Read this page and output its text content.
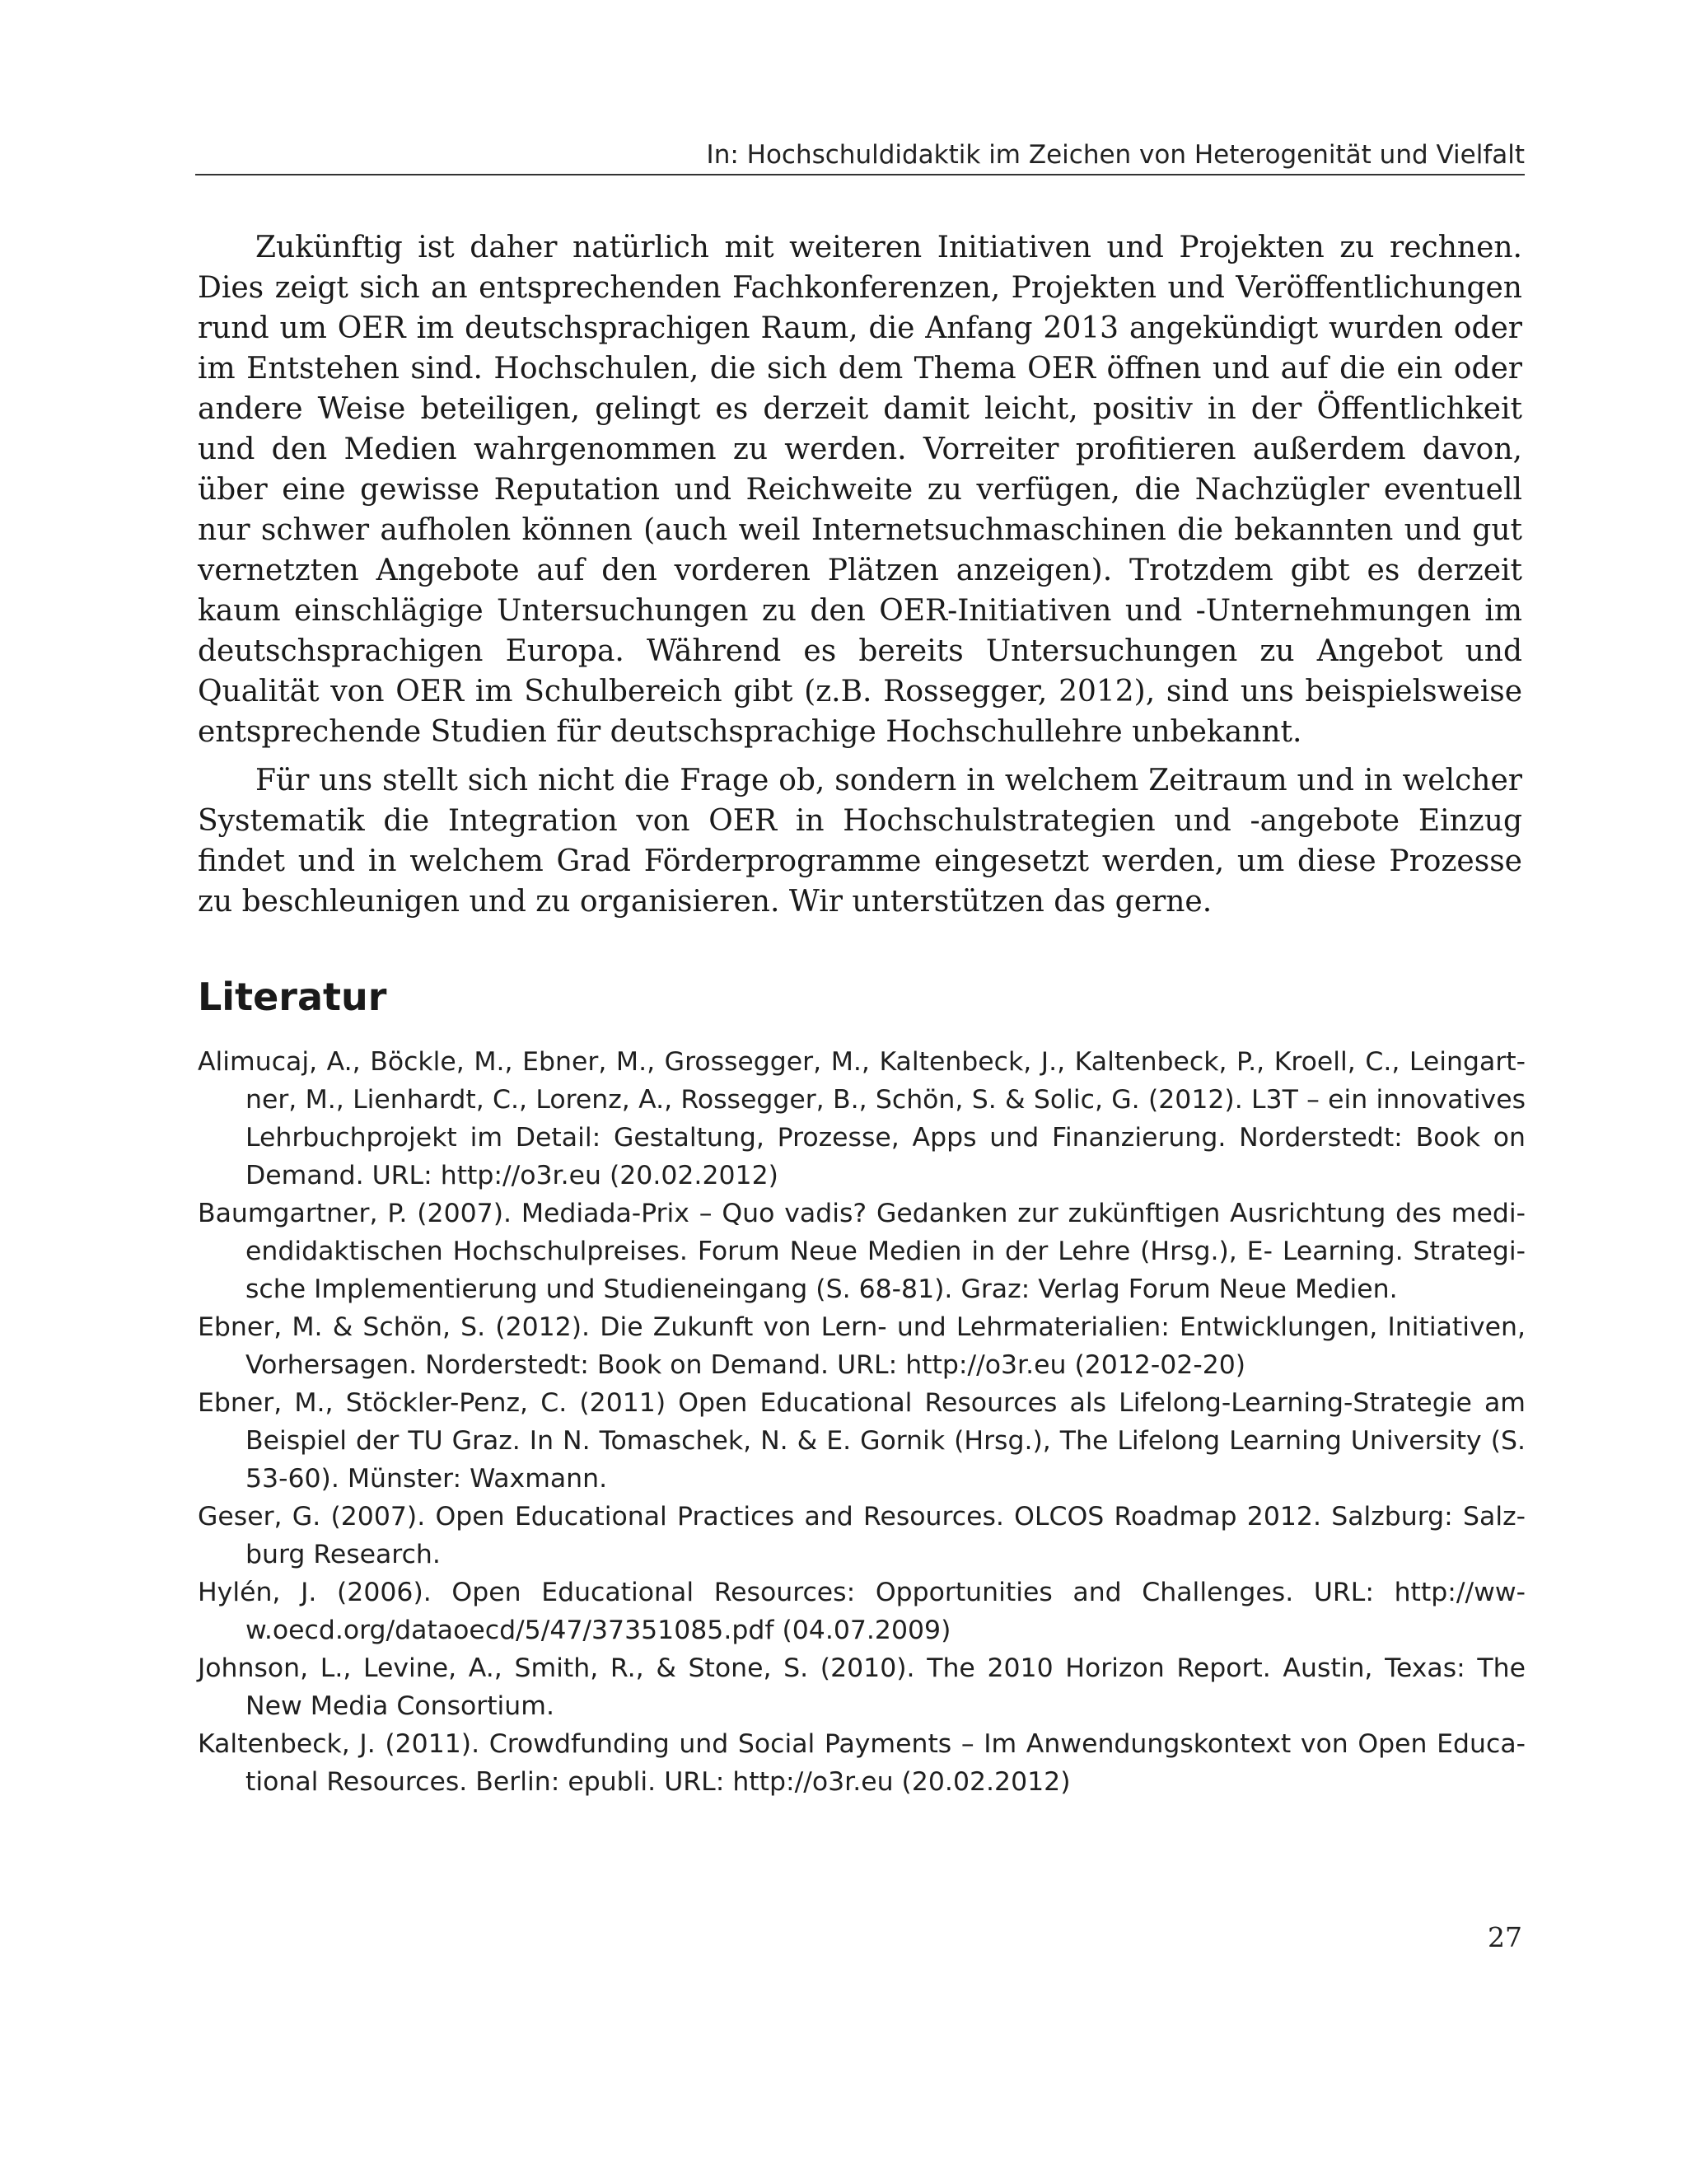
In: Hochschuldidaktik im Zeichen von Heterogenität und Vielfalt

Zukünftig ist daher natürlich mit weiteren Initiativen und Projekten zu rechnen. Dies zeigt sich an entsprechenden Fachkonferenzen, Projekten und Veröffentlichungen rund um OER im deutschsprachigen Raum, die Anfang 2013 angekündigt wurden oder im Entstehen sind. Hochschulen, die sich dem Thema OER öffnen und auf die ein oder andere Weise beteiligen, gelingt es derzeit damit leicht, positiv in der Öffentlichkeit und den Medien wahrgenommen zu werden. Vorreiter profitieren außerdem davon, über eine gewisse Reputation und Reichweite zu verfügen, die Nachzügler eventuell nur schwer aufholen können (auch weil Internetsuchmaschinen die bekannten und gut vernetzten Angebote auf den vorderen Plätzen anzeigen). Trotzdem gibt es derzeit kaum einschlägige Untersuchungen zu den OER-Initiativen und -Unternehmungen im deutschsprachigen Europa. Während es bereits Untersuchungen zu Angebot und Qualität von OER im Schulbereich gibt (z.B. Rossegger, 2012), sind uns beispielsweise entsprechende Studien für deutschsprachige Hochschullehre unbekannt.

Für uns stellt sich nicht die Frage ob, sondern in welchem Zeitraum und in welcher Systematik die Integration von OER in Hochschulstrategien und -angebote Einzug findet und in welchem Grad Förderprogramme eingesetzt werden, um diese Prozesse zu beschleunigen und zu organisieren. Wir unterstützen das gerne.

Literatur
Alimucaj, A., Böckle, M., Ebner, M., Grossegger, M., Kaltenbeck, J., Kaltenbeck, P., Kroell, C., Leingartner, M., Lienhardt, C., Lorenz, A., Rossegger, B., Schön, S. & Solic, G. (2012). L3T – ein innovatives Lehrbuchprojekt im Detail: Gestaltung, Prozesse, Apps und Finanzierung. Norderstedt: Book on Demand. URL: http://o3r.eu (20.02.2012)
Baumgartner, P. (2007). Mediada-Prix – Quo vadis? Gedanken zur zukünftigen Ausrichtung des mediendidaktischen Hochschulpreises. Forum Neue Medien in der Lehre (Hrsg.), E- Learning. Strategische Implementierung und Studieneingang (S. 68-81). Graz: Verlag Forum Neue Medien.
Ebner, M. & Schön, S. (2012). Die Zukunft von Lern- und Lehrmaterialien: Entwicklungen, Initiativen, Vorhersagen. Norderstedt: Book on Demand. URL: http://o3r.eu (2012-02-20)
Ebner, M., Stöckler-Penz, C. (2011) Open Educational Resources als Lifelong-Learning-Strategie am Beispiel der TU Graz. In N. Tomaschek, N. & E. Gornik (Hrsg.), The Lifelong Learning University (S. 53-60). Münster: Waxmann.
Geser, G. (2007). Open Educational Practices and Resources. OLCOS Roadmap 2012. Salzburg: Salzburg Research.
Hylén, J. (2006). Open Educational Resources: Opportunities and Challenges. URL: http://www.oecd.org/dataoecd/5/47/37351085.pdf (04.07.2009)
Johnson, L., Levine, A., Smith, R., & Stone, S. (2010). The 2010 Horizon Report. Austin, Texas: The New Media Consortium.
Kaltenbeck, J. (2011). Crowdfunding und Social Payments – Im Anwendungskontext von Open Educational Resources. Berlin: epubli. URL: http://o3r.eu (20.02.2012)
27
